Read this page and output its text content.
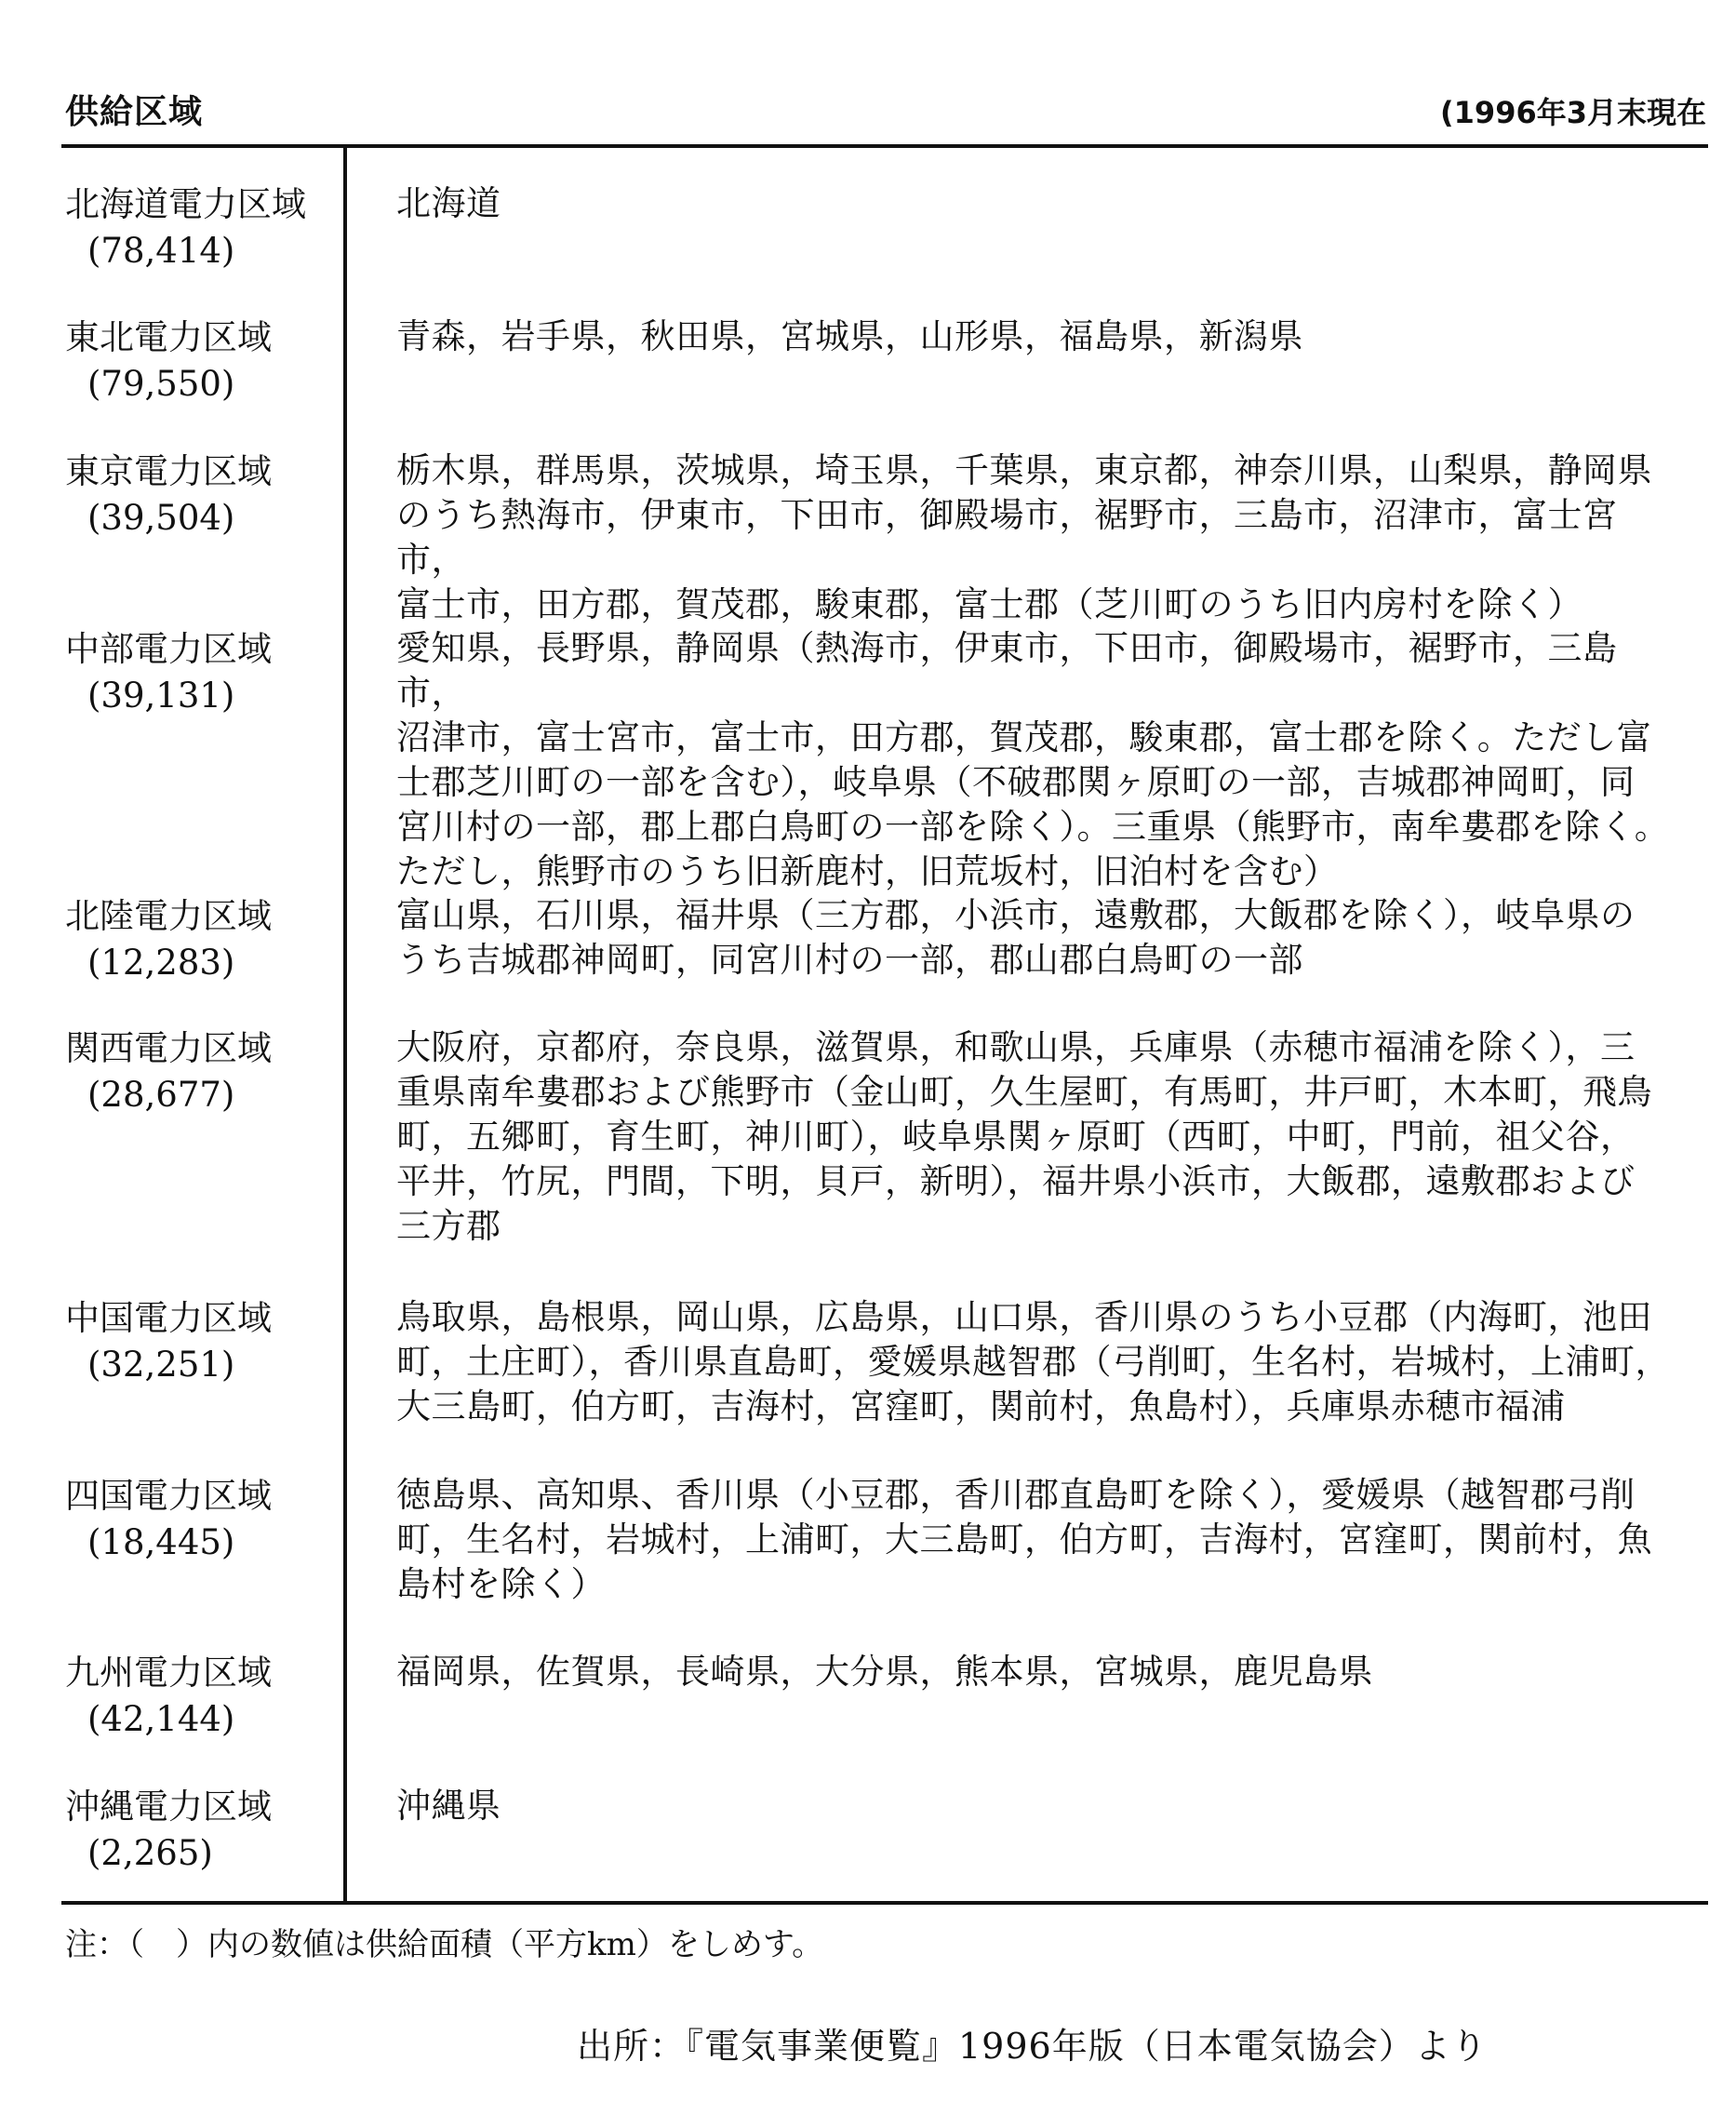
供給区域	(1996年3月末現在
北海道電力区域
(78,414)
北海道
東北電力区域
(79,550)
青森，岩手県，秋田県，宮城県，山形県，福島県，新潟県
東京電力区域
(39,504)
栃木県，群馬県，茨城県，埼玉県，千葉県，東京都，神奈川県，山梨県，静岡県
のうち熱海市，伊東市，下田市，御殿場市，裾野市，三島市，沼津市，富士宮市，
富士市，田方郡，賀茂郡，駿東郡，富士郡（芝川町のうち旧内房村を除く）
中部電力区域
(39,131)
愛知県，長野県，静岡県（熱海市，伊東市，下田市，御殿場市，裾野市，三島市，
沼津市，富士宮市，富士市，田方郡，賀茂郡，駿東郡，富士郡を除く。ただし富
士郡芝川町の一部を含む），岐阜県（不破郡関ヶ原町の一部，吉城郡神岡町，同
宮川村の一部，郡上郡白鳥町の一部を除く）。三重県（熊野市，南牟婁郡を除く。
ただし，熊野市のうち旧新鹿村，旧荒坂村，旧泊村を含む）
北陸電力区域
(12,283)
富山県，石川県，福井県（三方郡，小浜市，遠敷郡，大飯郡を除く），岐阜県の
うち吉城郡神岡町，同宮川村の一部，郡山郡白鳥町の一部
関西電力区域
(28,677)
大阪府，京都府，奈良県，滋賀県，和歌山県，兵庫県（赤穂市福浦を除く），三
重県南牟婁郡および熊野市（金山町，久生屋町，有馬町，井戸町，木本町，飛鳥
町，五郷町，育生町，神川町），岐阜県関ヶ原町（西町，中町，門前，祖父谷，
平井，竹尻，門間，下明，貝戸，新明），福井県小浜市，大飯郡，遠敷郡および
三方郡
中国電力区域
(32,251)
鳥取県，島根県，岡山県，広島県，山口県，香川県のうち小豆郡（内海町，池田
町，土庄町），香川県直島町，愛媛県越智郡（弓削町，生名村，岩城村，上浦町，
大三島町，伯方町，吉海村，宮窪町，関前村，魚島村），兵庫県赤穂市福浦
四国電力区域
(18,445)
徳島県、高知県、香川県（小豆郡，香川郡直島町を除く），愛媛県（越智郡弓削
町，生名村，岩城村，上浦町，大三島町，伯方町，吉海村，宮窪町，関前村，魚
島村を除く）
九州電力区域
(42,144)
福岡県，佐賀県，長崎県，大分県，熊本県，宮城県，鹿児島県
沖縄電力区域
(2,265)
沖縄県
注：（　）内の数値は供給面積（平方km）をしめす。
出所：『電気事業便覧』1996年版（日本電気協会）より
